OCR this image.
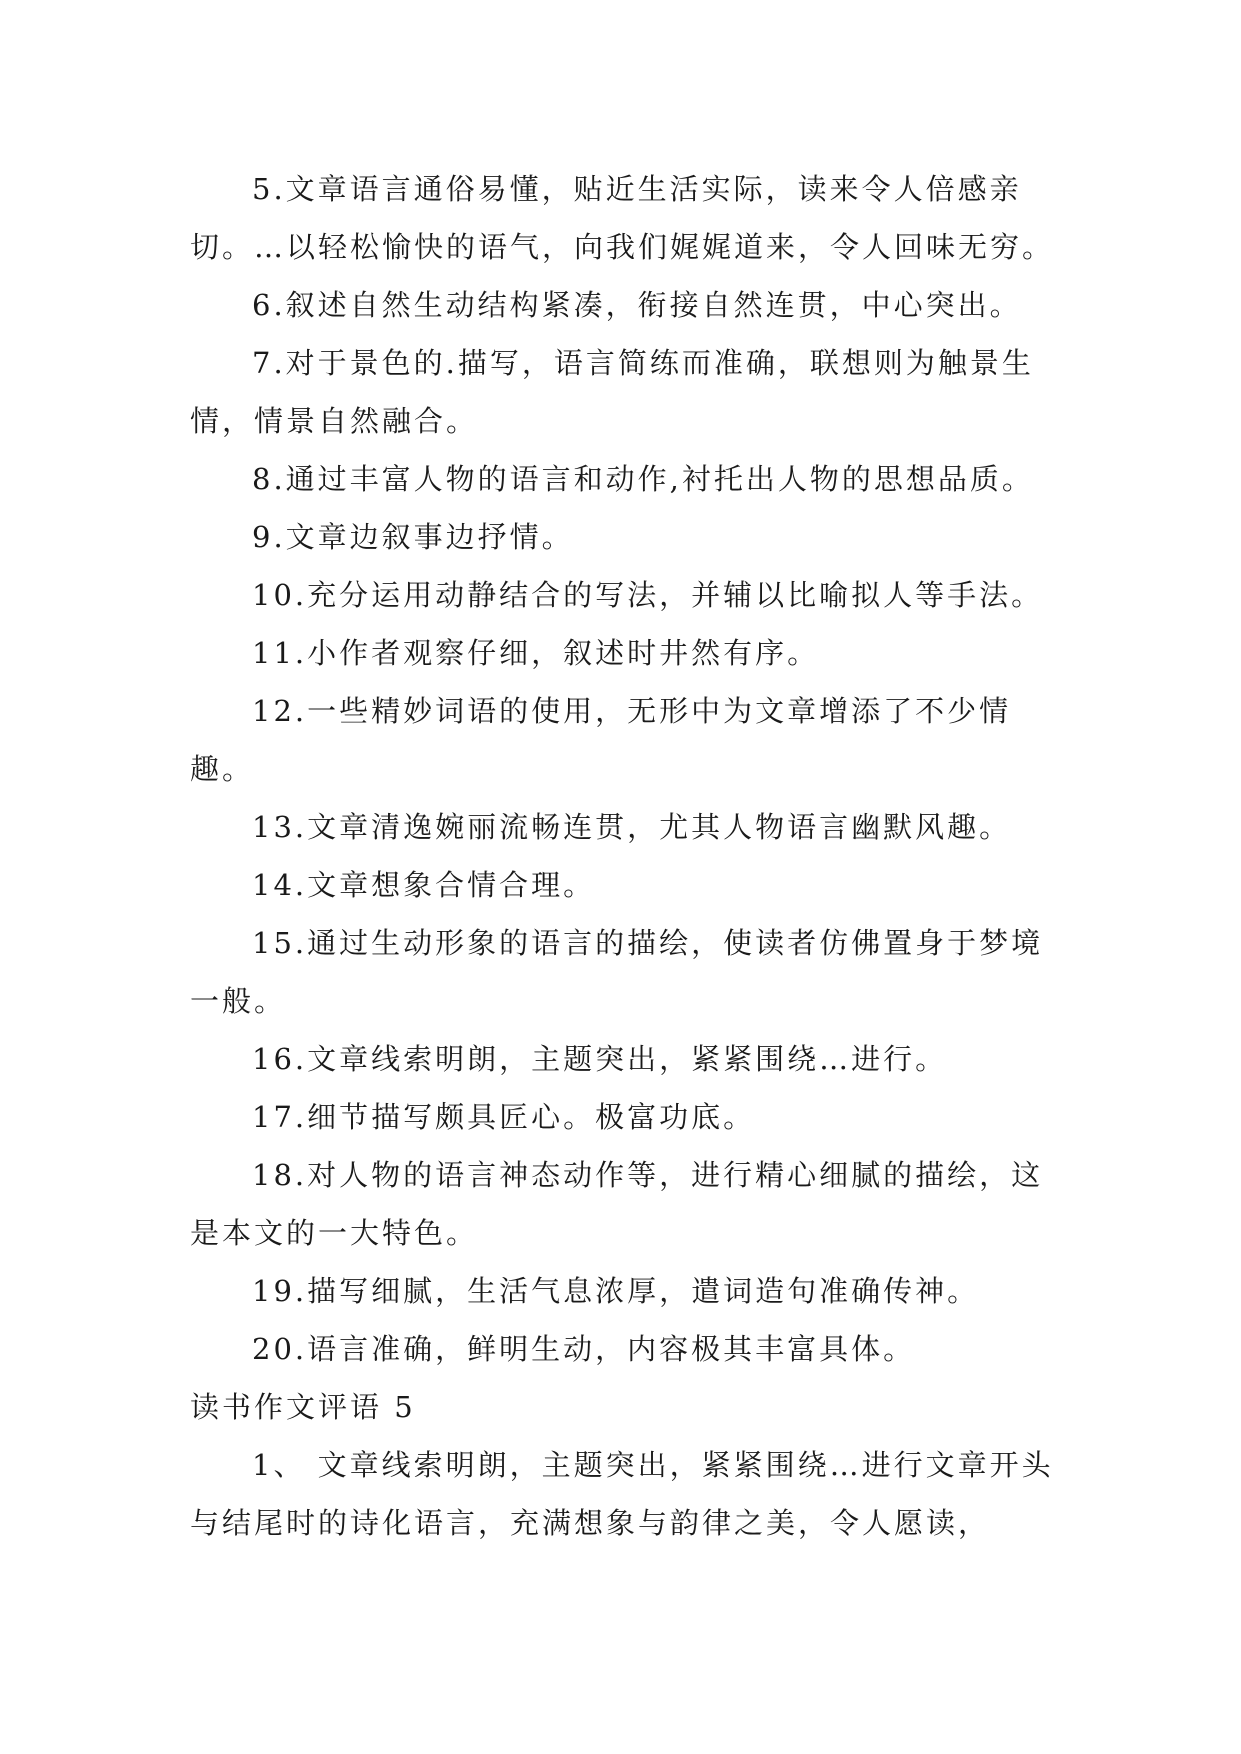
5.文章语言通俗易懂，贴近生活实际，读来令人倍感亲切。…以轻松愉快的语气，向我们娓娓道来，令人回味无穷。

6.叙述自然生动结构紧凑，衔接自然连贯，中心突出。

7.对于景色的.描写，语言简练而准确，联想则为触景生情，情景自然融合。

8.通过丰富人物的语言和动作,衬托出人物的思想品质。

9.文章边叙事边抒情。

10.充分运用动静结合的写法，并辅以比喻拟人等手法。

11.小作者观察仔细，叙述时井然有序。

12.一些精妙词语的使用，无形中为文章增添了不少情趣。

13.文章清逸婉丽流畅连贯，尤其人物语言幽默风趣。

14.文章想象合情合理。

15.通过生动形象的语言的描绘，使读者仿佛置身于梦境一般。

16.文章线索明朗，主题突出，紧紧围绕…进行。

17.细节描写颇具匠心。极富功底。

18.对人物的语言神态动作等，进行精心细腻的描绘，这是本文的一大特色。

19.描写细腻，生活气息浓厚，遣词造句准确传神。

20.语言准确，鲜明生动，内容极其丰富具体。

读书作文评语 5

1、 文章线索明朗，主题突出，紧紧围绕…进行文章开头与结尾时的诗化语言，充满想象与韵律之美，令人愿读，
